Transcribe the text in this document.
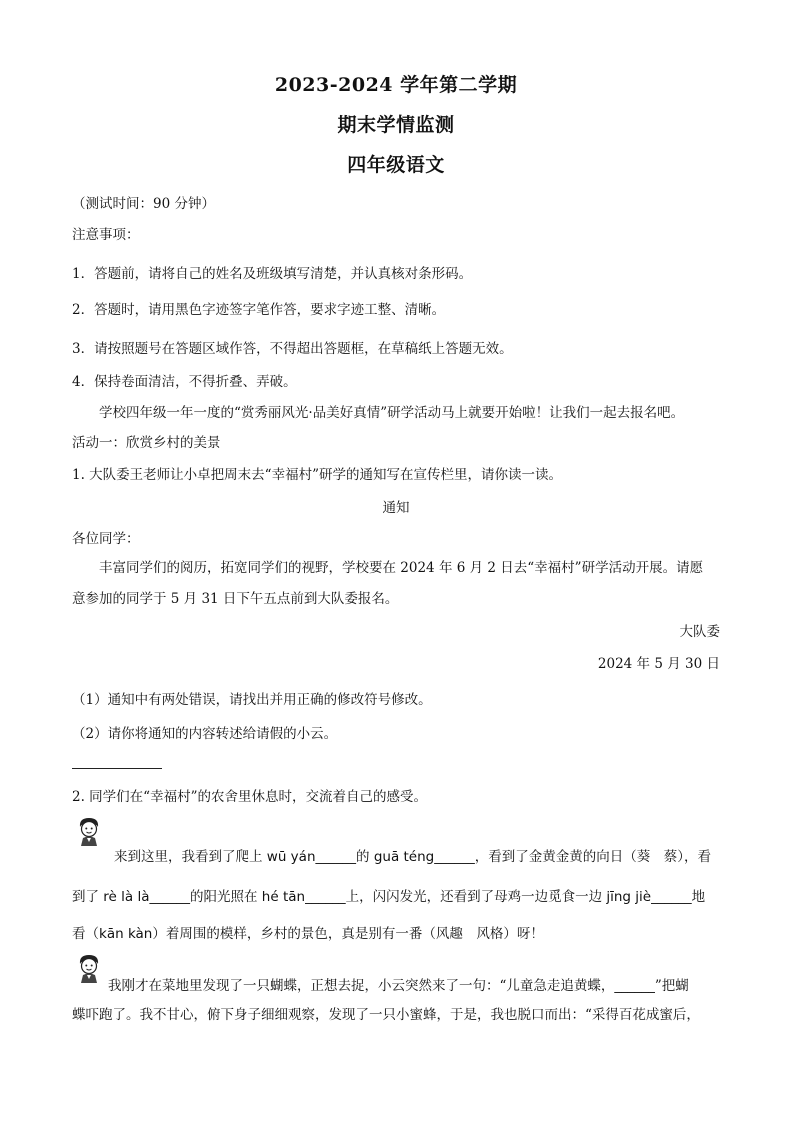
2023-2024 学年第二学期
期末学情监测
四年级语文
（测试时间：90 分钟）
注意事项：
1．答题前，请将自己的姓名及班级填写清楚，并认真核对条形码。
2．答题时，请用黑色字迹签字笔作答，要求字迹工整、清晰。
3．请按照题号在答题区域作答，不得超出答题框，在草稿纸上答题无效。
4．保持卷面清洁，不得折叠、弄破。
学校四年级一年一度的“赏秀丽风光·品美好真情”研学活动马上就要开始啦！让我们一起去报名吧。
活动一：欣赏乡村的美景
1. 大队委王老师让小卓把周末去“幸福村”研学的通知写在宣传栏里，请你读一读。
通知
各位同学：
丰富同学们的阅历，拓宽同学们的视野，学校要在 2024 年 6 月 2 日去“幸福村”研学活动开展。请愿
意参加的同学于 5 月 31 日下午五点前到大队委报名。
大队委
2024 年 5 月 30 日
（1）通知中有两处错误，请找出并用正确的修改符号修改。
（2）请你将通知的内容转述给请假的小云。
2. 同学们在“幸福村”的农舍里休息时，交流着自己的感受。
来到这里，我看到了爬上 wū yán______的 guā téng______，看到了金黄金黄的向日（葵　蔡），看
到了 rè là là______的阳光照在 hé tān______上，闪闪发光，还看到了母鸡一边觅食一边 jīng jiè______地
看（kān kàn）着周围的模样，乡村的景色，真是别有一番（风趣　风格）呀！
我刚才在菜地里发现了一只蝴蝶，正想去捉，小云突然来了一句：“儿童急走追黄蝶，______”把蝴
蝶吓跑了。我不甘心，俯下身子细细观察，发现了一只小蜜蜂，于是，我也脱口而出：“采得百花成蜜后，
